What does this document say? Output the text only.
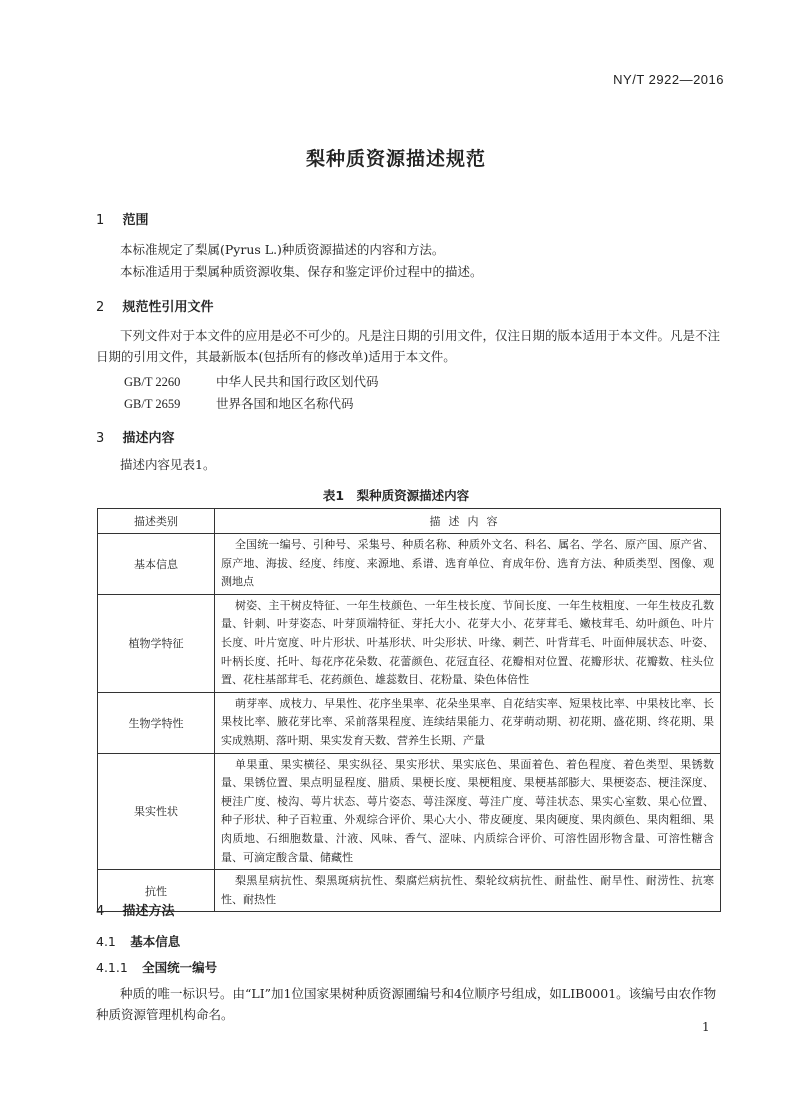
NY/T 2922—2016
梨种质资源描述规范
1 范围
本标准规定了梨属(Pyrus L.)种质资源描述的内容和方法。
本标准适用于梨属种质资源收集、保存和鉴定评价过程中的描述。
2 规范性引用文件
下列文件对于本文件的应用是必不可少的。凡是注日期的引用文件，仅注日期的版本适用于本文件。凡是不注日期的引用文件，其最新版本(包括所有的修改单)适用于本文件。
GB/T 2260	中华人民共和国行政区划代码
GB/T 2659	世界各国和地区名称代码
3 描述内容
描述内容见表1。
表1　梨种质资源描述内容
描述类别	描述内容
基本信息	全国统一编号、引种号、采集号、种质名称、种质外文名、科名、属名、学名、原产国、原产省、原产地、海拔、经度、纬度、来源地、系谱、选育单位、育成年份、选育方法、种质类型、图像、观测地点
植物学特征	树姿、主干树皮特征、一年生枝颜色、一年生枝长度、节间长度、一年生枝粗度、一年生枝皮孔数量、针刺、叶芽姿态、叶芽顶端特征、芽托大小、花芽大小、花芽茸毛、嫩枝茸毛、幼叶颜色、叶片长度、叶片宽度、叶片形状、叶基形状、叶尖形状、叶缘、刺芒、叶背茸毛、叶面伸展状态、叶姿、叶柄长度、托叶、每花序花朵数、花蕾颜色、花冠直径、花瓣相对位置、花瓣形状、花瓣数、柱头位置、花柱基部茸毛、花药颜色、雄蕊数目、花粉量、染色体倍性
生物学特性	萌芽率、成枝力、早果性、花序坐果率、花朵坐果率、自花结实率、短果枝比率、中果枝比率、长果枝比率、腋花芽比率、采前落果程度、连续结果能力、花芽萌动期、初花期、盛花期、终花期、果实成熟期、落叶期、果实发育天数、营养生长期、产量
果实性状	单果重、果实横径、果实纵径、果实形状、果实底色、果面着色、着色程度、着色类型、果锈数量、果锈位置、果点明显程度、腊质、果梗长度、果梗粗度、果梗基部膨大、果梗姿态、梗洼深度、梗洼广度、棱沟、萼片状态、萼片姿态、萼洼深度、萼洼广度、萼洼状态、果实心室数、果心位置、种子形状、种子百粒重、外观综合评价、果心大小、带皮硬度、果肉硬度、果肉颜色、果肉粗细、果肉质地、石细胞数量、汁液、风味、香气、涩味、内质综合评价、可溶性固形物含量、可溶性糖含量、可滴定酸含量、储藏性
抗性	梨黑星病抗性、梨黑斑病抗性、梨腐烂病抗性、梨轮纹病抗性、耐盐性、耐旱性、耐涝性、抗寒性、耐热性
4 描述方法
4.1 基本信息
4.1.1 全国统一编号
种质的唯一标识号。由“LI”加1位国家果树种质资源圃编号和4位顺序号组成，如LIB0001。该编号由农作物种质资源管理机构命名。
1
